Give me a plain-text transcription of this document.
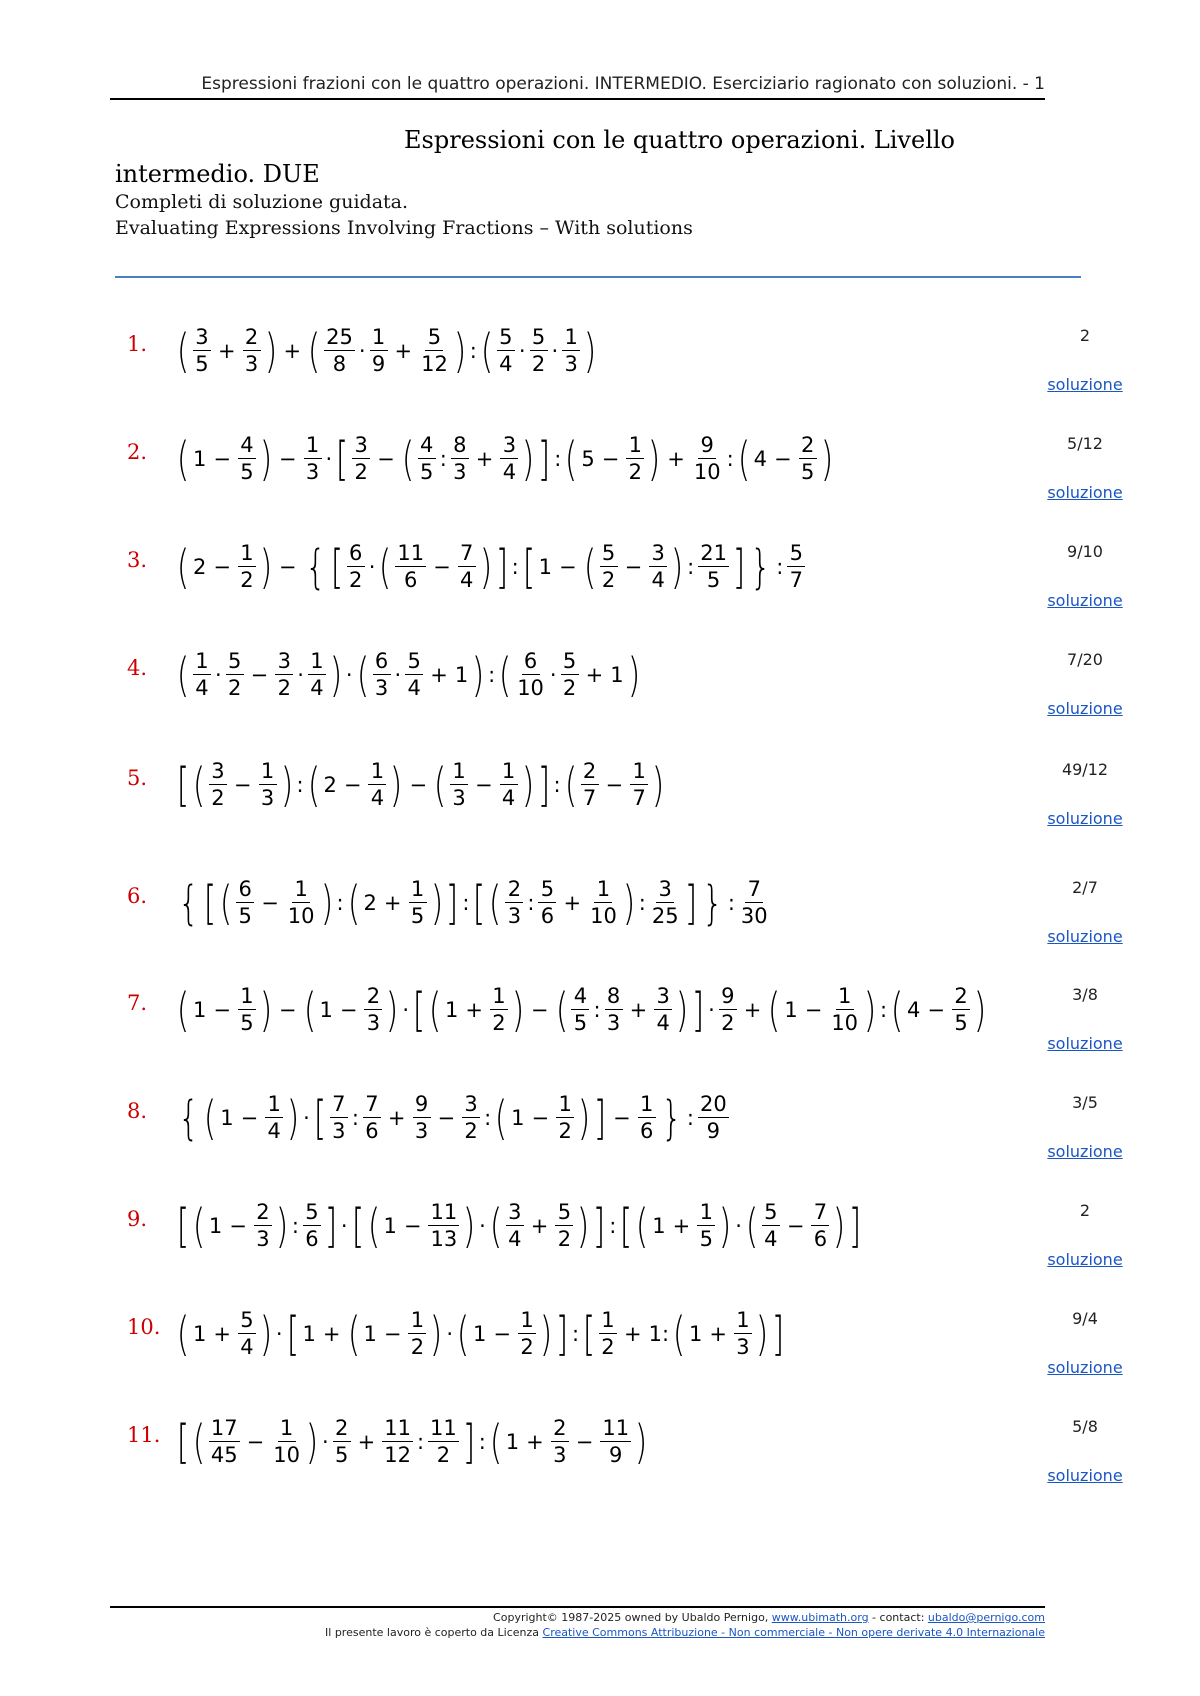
Espressioni frazioni con le quattro operazioni. INTERMEDIO. Eserciziario ragionato con soluzioni. - 1
Espressioni con le quattro operazioni. Livello
intermedio. DUE
Completi di soluzione guidata.
Evaluating Expressions Involving Fractions – With solutions
1. ( 3
5
+ $\frac{2}{3}$ ) + ( 25
8
·
1
9
+ $\frac{5}{12}$ ) : ( 5
4
·
5
2
·
1
3 )	2
soluzione
2. ( $1 - \frac{4}{5}$ ) − $\frac{1}{3}$ · [ 3
2
− ( 4
5
:
8
3
+ $\frac{3}{4}$ ) ] : ( $5 - \frac{1}{2}$ ) + $\frac{9}{10}$ : ( $4 - \frac{2}{5}$ )	5/12
soluzione
3. ( $2 - \frac{1}{2}$ ) − { [ 6
2
· ( 11
6
− $\frac{7}{4}$ ) ] : [ 1 − ( 5
2
− $\frac{3}{4}$ ) :
21
5 ] } :
5
7
9/10
soluzione
4. ( 1
4
·
5
2
− $\frac{3}{2}$ ·
1
4 ) · ( 6
3
·
5
4
+ 1 ) : ( 6
10
·
5
2
+ 1 )	7/20
soluzione
5. [ ( 3
2
− $\frac{1}{3}$ ) : ( $2 - \frac{1}{4}$ ) − ( 1
3
− $\frac{1}{4}$ ) ] : ( 2
7
− $\frac{1}{7}$ )	49/12
soluzione
6. { [ ( 6
5
− $\frac{1}{10}$ ) : ( $2 + \frac{1}{5}$ ) ] : [ ( 2
3
:
5
6
+ $\frac{1}{10}$ ) :
3
25 ] } :
7
30
2/7
soluzione
7. ( $1 - \frac{1}{5}$ ) − ( $1 - \frac{2}{3}$ ) · [ ( $1 + \frac{1}{2}$ ) − ( 4
5
:
8
3
+ $\frac{3}{4}$ ) ] ·
9
2
+ ( $1 - \frac{1}{10}$ ) : ( $4 - \frac{2}{5}$ )	3/8
soluzione
8. { ( $1 - \frac{1}{4}$ ) · [ 7
3
:
7
6
+ $\frac{9}{3} - \frac{3}{2}$ : ( $1 - \frac{1}{2}$ ) ] − $\frac{1}{6}$ } :
20
9
3/5
soluzione
9. [ ( $1 - \frac{2}{3}$ ) :
5
6 ] · [ ( $1 - \frac{11}{13}$ ) · ( 3
4
+ $\frac{5}{2}$ ) ] : [ ( $1 + \frac{1}{5}$ ) · ( 5
4
− $\frac{7}{6}$ ) ]	2
soluzione
10. ( $1 + \frac{5}{4}$ ) · [ 1 + ( $1 - \frac{1}{2}$ ) · ( $1 - \frac{1}{2}$ ) ] : [ 1
2
+ 1: ( $1 + \frac{1}{3}$ ) ]	9/4
soluzione
11. [ ( 17
45
− $\frac{1}{10}$ ) ·
2
5
+ $\frac{11}{12}$ :
11
2 ] : ( $1 + \frac{2}{3} - \frac{11}{9}$ )	5/8
soluzione
Copyright© 1987-2025 owned by Ubaldo Pernigo, www.ubimath.org - contact: ubaldo@pernigo.com
Il presente lavoro è coperto da Licenza Creative Commons Attribuzione - Non commerciale - Non opere derivate 4.0 Internazionale
